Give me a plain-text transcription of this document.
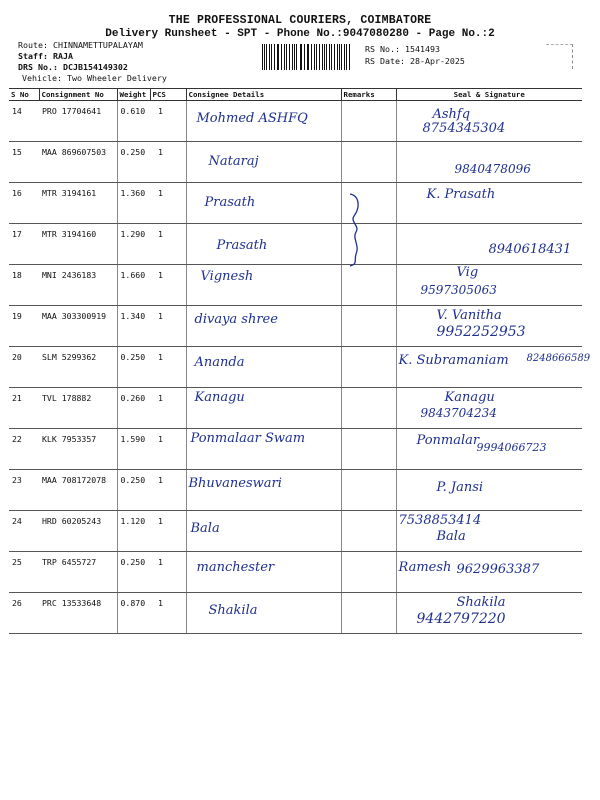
THE PROFESSIONAL COURIERS, COIMBATORE
Delivery Runsheet - SPT - Phone No.:9047080280 - Page No.:2
Route: CHINNAMETTUPALAYAM
Staff: RAJA
DRS No.: DCJB154149302
Vehicle: Two Wheeler Delivery
RS No.: 1541493
RS Date: 28-Apr-2025
S No	Consignment No	Weight	PCS	Consignee Details	Remarks	Seal & Signature
14	PRO 17704641	0.610	1	Mohmed ASHFQ		Ashfq
8754345304

15	MAA 869607503	0.250	1	Nataraj		9840478096

16	MTR 3194161	1.360	1	Prasath		K. Prasath

17	MTR 3194160	1.290	1	Prasath		8940618431

18	MNI 2436183	1.660	1	Vignesh		Vig
9597305063

19	MAA 303300919	1.340	1	divaya shree		V. Vanitha
9952252953

20	SLM 5299362	0.250	1	Ananda		K. Subramaniam 8248666589

21	TVL 178882	0.260	1	Kanagu		Kanagu
9843704234

22	KLK 7953357	1.590	1	Ponmalaar Swam		Ponmalar
9994066723

23	MAA 708172078	0.250	1	Bhuvaneswari		P. Jansi

24	HRD 60205243	1.120	1	Bala		Bala
7538853414

25	TRP 6455727	0.250	1	manchester		Ramesh 9629963387

26	PRC 13533648	0.870	1	Shakila		Shakila
9442797220
